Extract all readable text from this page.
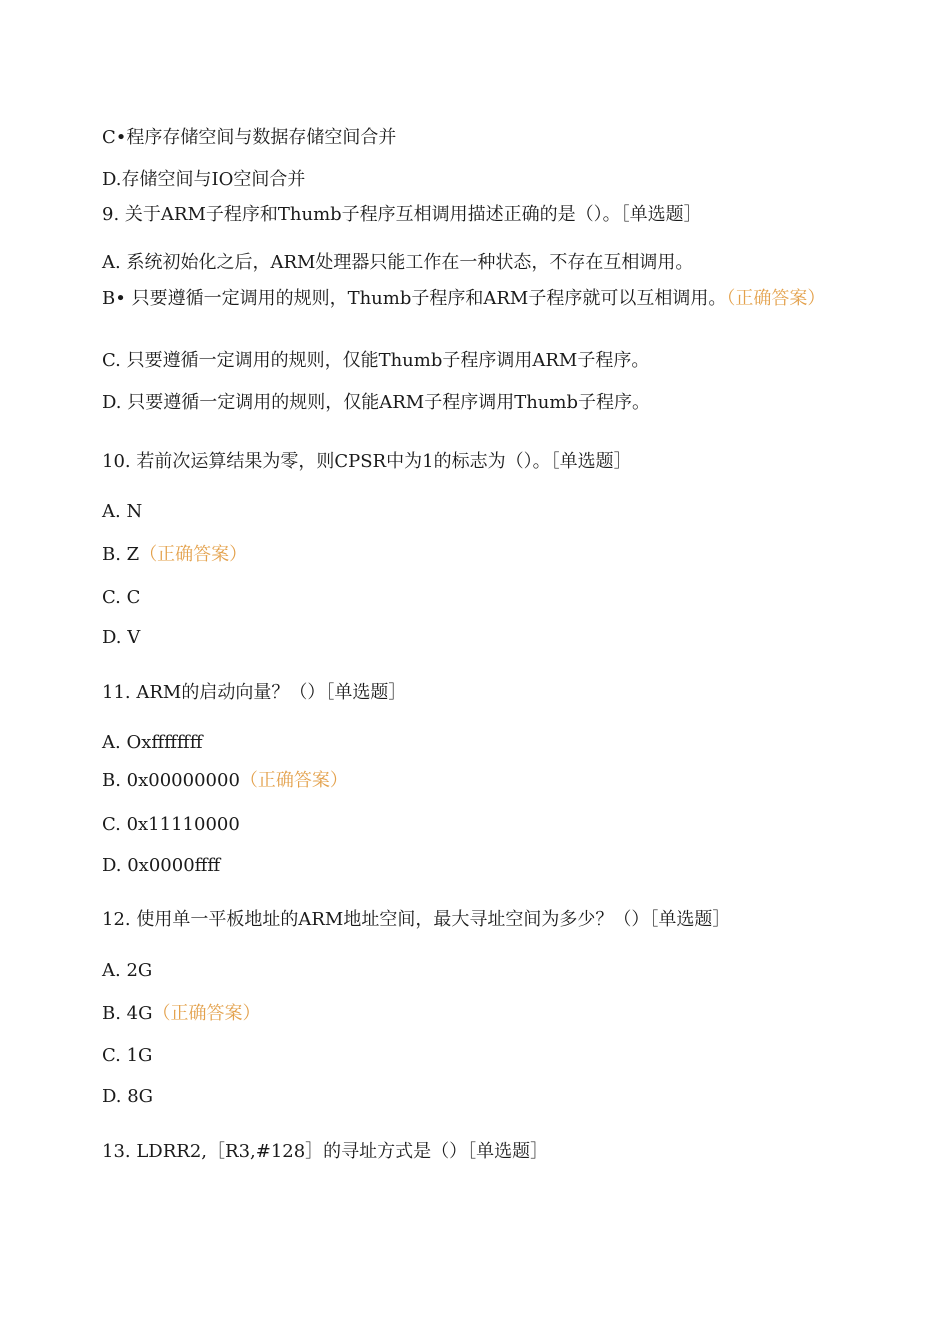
C•程序存储空间与数据存储空间合并
D.存储空间与IO空间合并
9. 关于ARM子程序和Thumb子程序互相调用描述正确的是（）。［单选题］
A. 系统初始化之后，ARM处理器只能工作在一种状态，不存在互相调用。
B• 只要遵循一定调用的规则，Thumb子程序和ARM子程序就可以互相调用。（正确答案）
C. 只要遵循一定调用的规则，仅能Thumb子程序调用ARM子程序。
D. 只要遵循一定调用的规则，仅能ARM子程序调用Thumb子程序。
10. 若前次运算结果为零，则CPSR中为1的标志为（）。［单选题］
A. N
B. Z（正确答案）
C. C
D. V
11. ARM的启动向量？（）［单选题］
A. Oxffffffff
B. 0x00000000（正确答案）
C. 0x11110000
D. 0x0000ffff
12. 使用单一平板地址的ARM地址空间，最大寻址空间为多少？（）［单选题］
A. 2G
B. 4G（正确答案）
C. 1G
D. 8G
13. LDRR2,［R3,#128］的寻址方式是（）［单选题］
